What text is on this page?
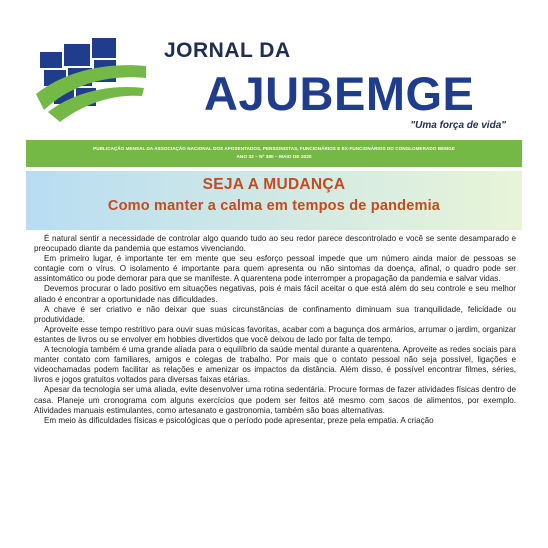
JORNAL DA
AJUBEMGE
"Uma força de vida"
PUBLICAÇÃO MENSAL DA ASSOCIAÇÃO NACIONAL DOS APOSENTADOS, PENSIONISTAS, FUNCIONÁRIOS E EX-FUNCIONÁRIOS DO CONGLOMERADO BEMGE
ANO 32 – Nº 380 – MAIO DE 2020
SEJA A MUDANÇA
Como manter a calma em tempos de pandemia

É natural sentir a necessidade de controlar algo quando tudo ao seu redor parece descontrolado e você se sente desamparado e preocupado diante da pandemia que estamos vivenciando.

Em primeiro lugar, é importante ter em mente que seu esforço pessoal impede que um número ainda maior de pessoas se contagie com o vírus. O isolamento é importante para quem apresenta ou não sintomas da doença, afinal, o quadro pode ser assintomático ou pode demorar para que se manifeste. A quarentena pode interromper a propagação da pandemia e salvar vidas.

Devemos procurar o lado positivo em situações negativas, pois é mais fácil aceitar o que está além do seu controle e seu melhor aliado é encontrar a oportunidade nas dificuldades.

A chave é ser criativo e não deixar que suas circunstâncias de confinamento diminuam sua tranquilidade, felicidade ou produtividade.

Aproveite esse tempo restritivo para ouvir suas músicas favoritas, acabar com a bagunça dos armários, arrumar o jardim, organizar estantes de livros ou se envolver em hobbies divertidos que você deixou de lado por falta de tempo.

A tecnologia também é uma grande aliada para o equilíbrio da saúde mental durante a quarentena. Aproveite as redes sociais para manter contato com familiares, amigos e colegas de trabalho. Por mais que o contato pessoal não seja possível, ligações e videochamadas podem facilitar as relações e amenizar os impactos da distância. Além disso, é possível encontrar filmes, séries, livros e jogos gratuitos voltados para diversas faixas etárias.

Apesar da tecnologia ser uma aliada, evite desenvolver uma rotina sedentária. Procure formas de fazer atividades físicas dentro de casa. Planeje um cronograma com alguns exercícios que podem ser feitos até mesmo com sacos de alimentos, por exemplo. Atividades manuais estimulantes, como artesanato e gastronomia, também são boas alternativas.

Em meio às dificuldades físicas e psicológicas que o período pode apresentar, preze pela empatia. A criação
